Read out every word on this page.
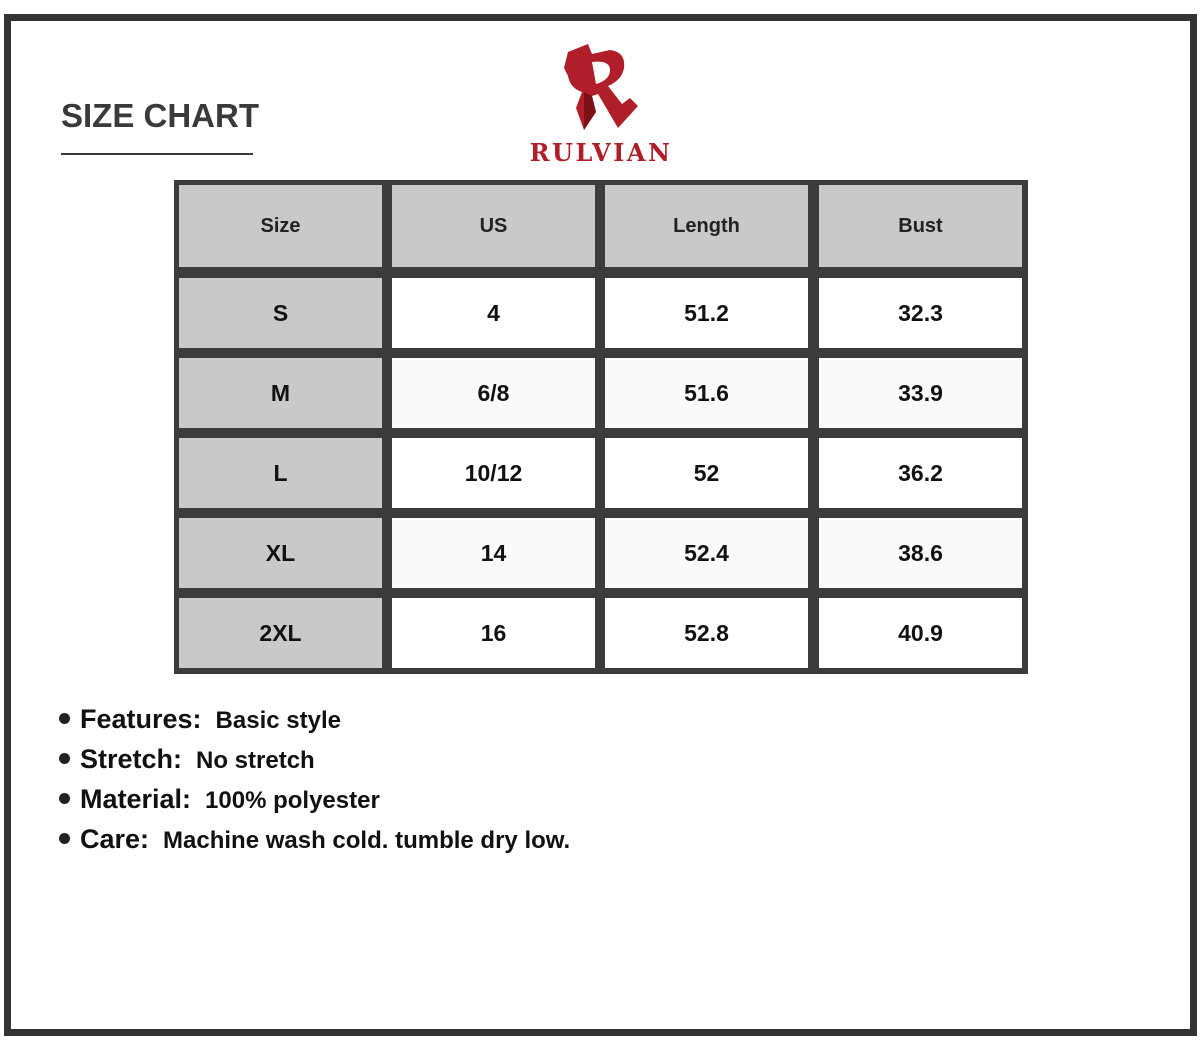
SIZE CHART
RULVIAN
Size	US	Length	Bust
S	4	51.2	32.3
M	6/8	51.6	33.9
L	10/12	52	36.2
XL	14	52.4	38.6
2XL	16	52.8	40.9
Features: Basic style
Stretch: No stretch
Material: 100% polyester
Care: Machine wash cold. tumble dry low.
